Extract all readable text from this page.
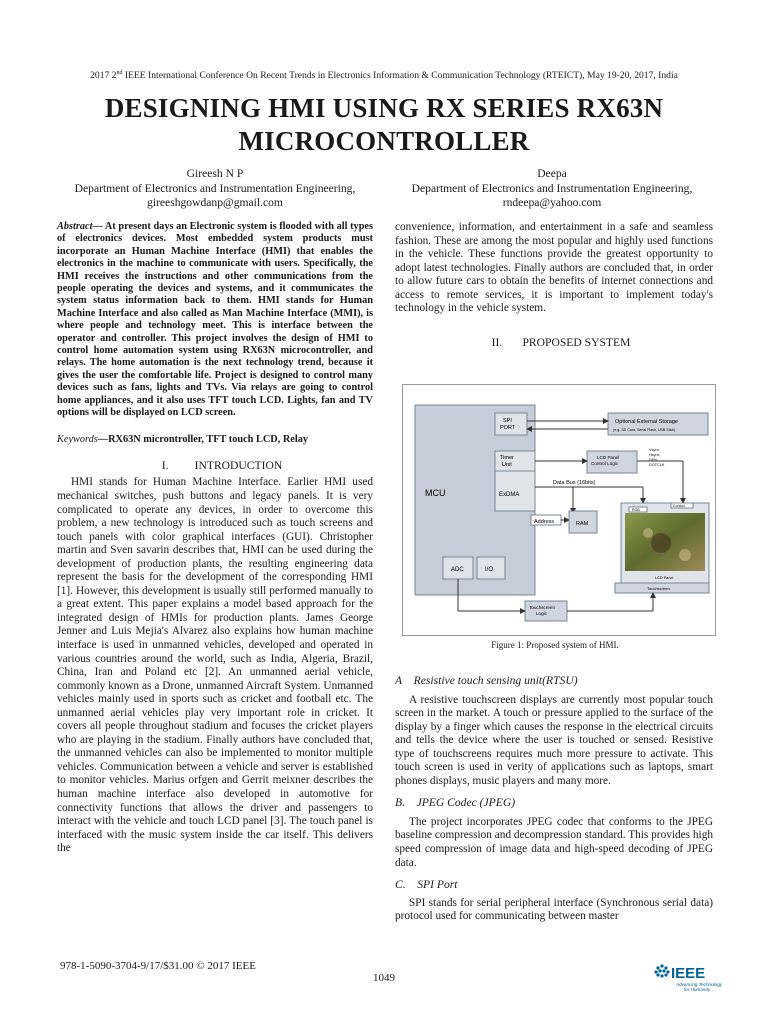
2017 2nd IEEE International Conference On Recent Trends in Electronics Information & Communication Technology (RTEICT), May 19-20, 2017, India
DESIGNING HMI USING RX SERIES RX63N
MICROCONTROLLER
Gireesh N P
Department of Electronics and Instrumentation Engineering,
gireeshgowdanp@gmail.com
Deepa
Department of Electronics and Instrumentation Engineering,
rndeepa@yahoo.com

Abstract— At present days an Electronic system is flooded with all types of electronics devices. Most embedded system products must incorporate an Human Machine Interface (HMI) that enables the electronics in the machine to communicate with users. Specifically, the HMI receives the instructions and other communications from the people operating the devices and systems, and it communicates the system status information back to them. HMI stands for Human Machine Interface and also called as Man Machine Interface (MMI), is where people and technology meet. This is interface between the operator and controller. This project involves the design of HMI to control home automation system using RX63N microcontroller, and relays. The home automation is the next technology trend, because it gives the user the comfortable life. Project is designed to control many devices such as fans, lights and TVs. Via relays are going to control home appliances, and it also uses TFT touch LCD. Lights, fan and TV options will be displayed on LCD screen.

Keywords—RX63N microntroller, TFT touch LCD, Relay

I.         INTRODUCTION

HMI stands for Human Machine Interface. Earlier HMI used mechanical switches, push buttons and legacy panels. It is very complicated to operate any devices, in order to overcome this problem, a new technology is introduced such as touch screens and touch panels with color graphical interfaces (GUI). Christopher martin and Sven savarin describes that, HMI can be used during the development of production plants, the resulting engineering data represent the basis for the development of the corresponding HMI [1]. However, this development is usually still performed manually to a great extent. This paper explains a model based approach for the integrated design of HMIs for production plants. James George Jenner and Luis Mejia's Alvarez also explains how human machine interface is used in unmanned vehicles, developed and operated in various countries around the world, such as India, Algeria, Brazil, China, Iran and Poland etc [2]. An unmanned aerial vehicle, commonly known as a Drone, unmanned Aircraft System. Unmanned vehicles mainly used in sports such as cricket and football etc. The unmanned aerial vehicles play very important role in cricket. It covers all people throughout stadium and focuses the cricket players who are playing in the stadium. Finally authors have concluded that, the unmanned vehicles can also be implemented to monitor multiple vehicles. Communication between a vehicle and server is established to monitor vehicles. Marius orfgen and Gerrit meixner describes the human machine interface also developed in automotive for connectivity functions that allows the driver and passengers to interact with the vehicle and touch LCD panel [3]. The touch panel is interfaced with the music system inside the car itself. This delivers the

convenience, information, and entertainment in a safe and seamless fashion. These are among the most popular and highly used functions in the vehicle. These functions provide the greatest opportunity to adopt latest technologies. Finally authors are concluded that, in order to allow future cars to obtain the benefits of internet connections and access to remote services, it is important to implement today's technology in the vehicle system.

II.       PROPOSED SYSTEM

MCU
SPI PORT
Timer Unit
ExDMA
ADC	I/O
Optional External Storage
(e.g. SD Card, Serial Flash, USB Stick)
LCD Panel Control Logic
Vsync Hsync DEN DOTCLK
Data Bus (16bits)
Address	RAM
RGB
Control
LCD Panel
Touchscreen
Touchscreen Logic
Figure 1: Proposed system of HMI.

A    Resistive touch sensing unit(RTSU)

A resistive touchscreen displays are currently most popular touch screen in the market. A touch or pressure applied to the surface of the display by a finger which causes the response in the electrical circuits and tells the device where the user is touched or sensed. Resistive type of touchscreens requires much more pressure to activate. This touch screen is used in verity of applications such as laptops, smart phones displays, music players and many more.

B.    JPEG Codec (JPEG)

The project incorporates JPEG codec that conforms to the JPEG baseline compression and decompression standard. This provides high speed compression of image data and high-speed decoding of JPEG data.

C.    SPI Port

SPI stands for serial peripheral interface (Synchronous serial data) protocol used for communicating between master

978-1-5090-3704-9/17/$31.00 © 2017 IEEE
1049	IEEE
Advancing Technology for Humanity
